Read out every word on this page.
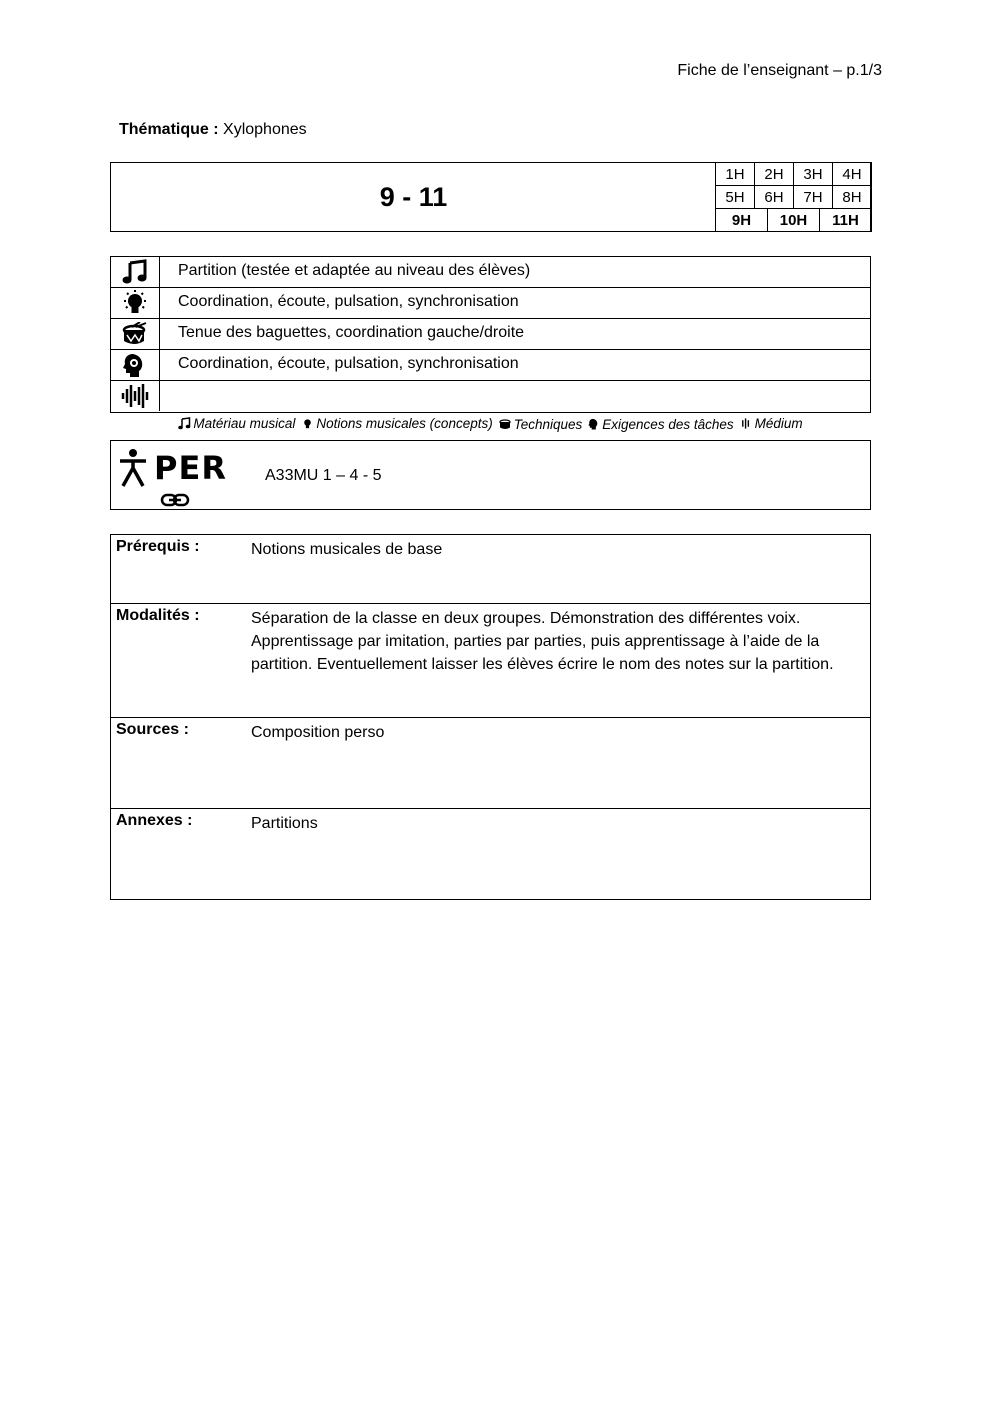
Fiche de l’enseignant – p.1/3
Thématique : Xylophones
9 - 11
1H	2H	3H	4H
5H	6H	7H	8H
9H	10H	11H
Partition (testée et adaptée au niveau des élèves)
Coordination, écoute, pulsation, synchronisation
Tenue des baguettes, coordination gauche/droite
Coordination, écoute, pulsation, synchronisation
Matériau musical Notions musicales (concepts) Techniques Exigences des tâches Médium
PER A33MU 1 – 4 - 5
Prérequis :	Notions musicales de base
Modalités :	Séparation de la classe en deux groupes. Démonstration des différentes voix. Apprentissage par imitation, parties par parties, puis apprentissage à l’aide de la partition. Eventuellement laisser les élèves écrire le nom des notes sur la partition.
Sources :	Composition perso
Annexes :	Partitions
